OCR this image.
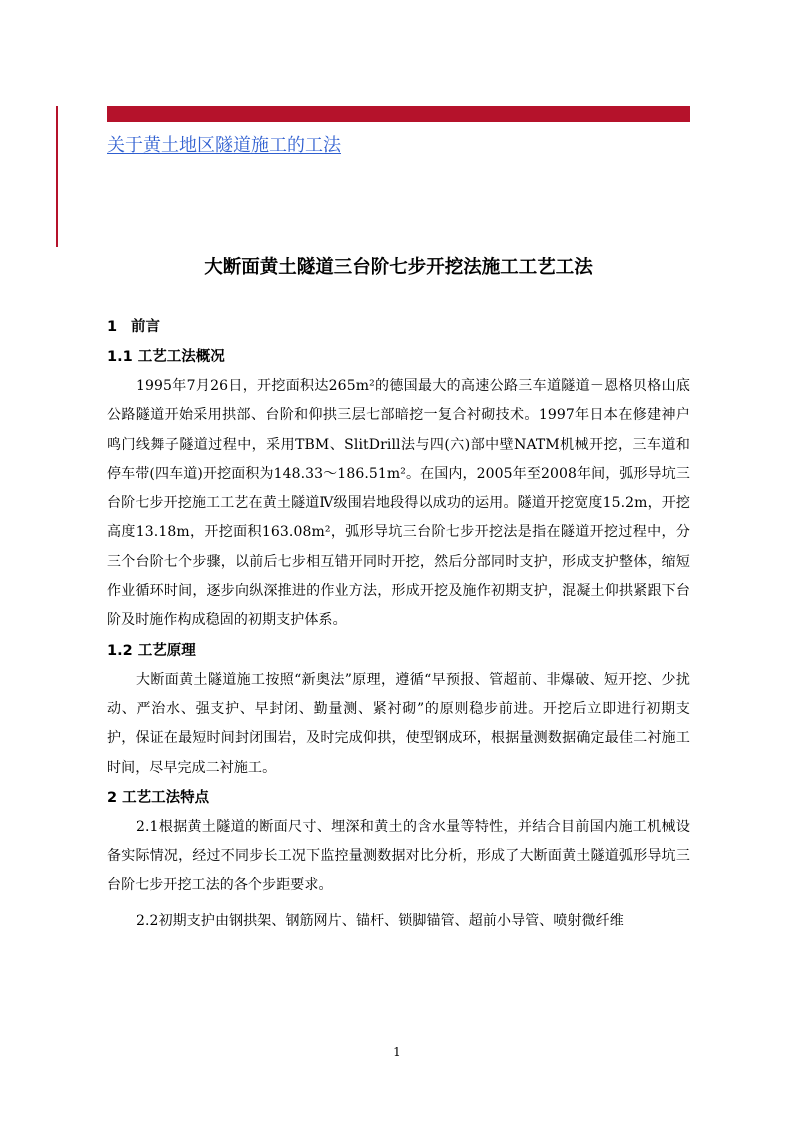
关于黄土地区隧道施工的工法
大断面黄土隧道三台阶七步开挖法施工工艺工法
1 前言
1.1 工艺工法概况

1995年7月26日，开挖面积达265m²的德国最大的高速公路三车道隧道－恩格贝格山底公路隧道开始采用拱部、台阶和仰拱三层七部暗挖一复合衬砌技术。1997年日本在修建神户鸣门线舞子隧道过程中，采用TBM、SlitDrill法与四(六)部中壁NATM机械开挖，三车道和停车带(四车道)开挖面积为148.33～186.51m²。在国内，2005年至2008年间，弧形导坑三台阶七步开挖施工工艺在黄土隧道Ⅳ级围岩地段得以成功的运用。隧道开挖宽度15.2m，开挖高度13.18m，开挖面积163.08m²，弧形导坑三台阶七步开挖法是指在隧道开挖过程中，分三个台阶七个步骤，以前后七步相互错开同时开挖，然后分部同时支护，形成支护整体，缩短作业循环时间，逐步向纵深推进的作业方法，形成开挖及施作初期支护，混凝土仰拱紧跟下台阶及时施作构成稳固的初期支护体系。

1.2 工艺原理

大断面黄土隧道施工按照“新奥法”原理，遵循“早预报、管超前、非爆破、短开挖、少扰动、严治水、强支护、早封闭、勤量测、紧衬砌”的原则稳步前进。开挖后立即进行初期支护，保证在最短时间封闭围岩，及时完成仰拱，使型钢成环，根据量测数据确定最佳二衬施工时间，尽早完成二衬施工。

2 工艺工法特点

2.1根据黄土隧道的断面尺寸、埋深和黄土的含水量等特性，并结合目前国内施工机械设备实际情况，经过不同步长工况下监控量测数据对比分析，形成了大断面黄土隧道弧形导坑三台阶七步开挖工法的各个步距要求。

2.2初期支护由钢拱架、钢筋网片、锚杆、锁脚锚管、超前小导管、喷射微纤维

1
